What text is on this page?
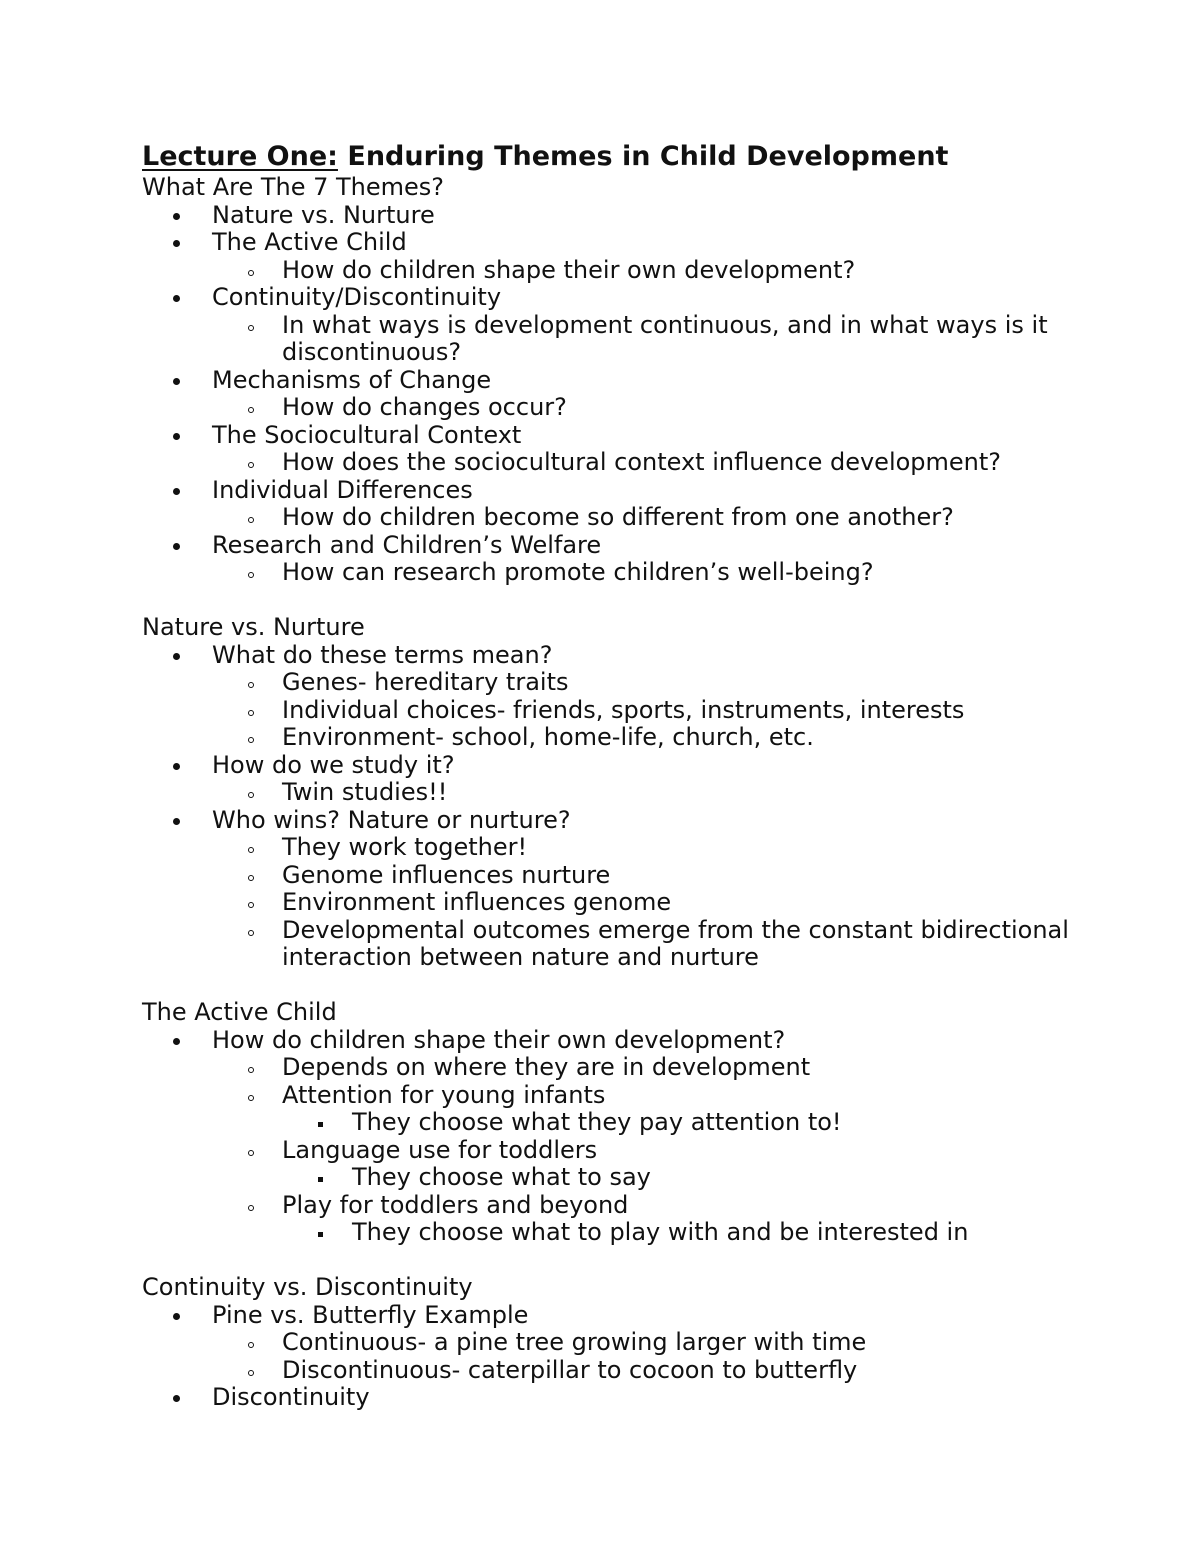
Lecture One: Enduring Themes in Child Development
What Are The 7 Themes?
Nature vs. Nurture
The Active Child
How do children shape their own development?
Continuity/Discontinuity
In what ways is development continuous, and in what ways is it discontinuous?
Mechanisms of Change
How do changes occur?
The Sociocultural Context
How does the sociocultural context influence development?
Individual Differences
How do children become so different from one another?
Research and Children’s Welfare
How can research promote children’s well-being?
Nature vs. Nurture
What do these terms mean?
Genes- hereditary traits
Individual choices- friends, sports, instruments, interests
Environment- school, home-life, church, etc.
How do we study it?
Twin studies!!
Who wins? Nature or nurture?
They work together!
Genome influences nurture
Environment influences genome
Developmental outcomes emerge from the constant bidirectional interaction between nature and nurture
The Active Child
How do children shape their own development?
Depends on where they are in development
Attention for young infants
They choose what they pay attention to!
Language use for toddlers
They choose what to say
Play for toddlers and beyond
They choose what to play with and be interested in
Continuity vs. Discontinuity
Pine vs. Butterfly Example
Continuous- a pine tree growing larger with time
Discontinuous- caterpillar to cocoon to butterfly
Discontinuity
